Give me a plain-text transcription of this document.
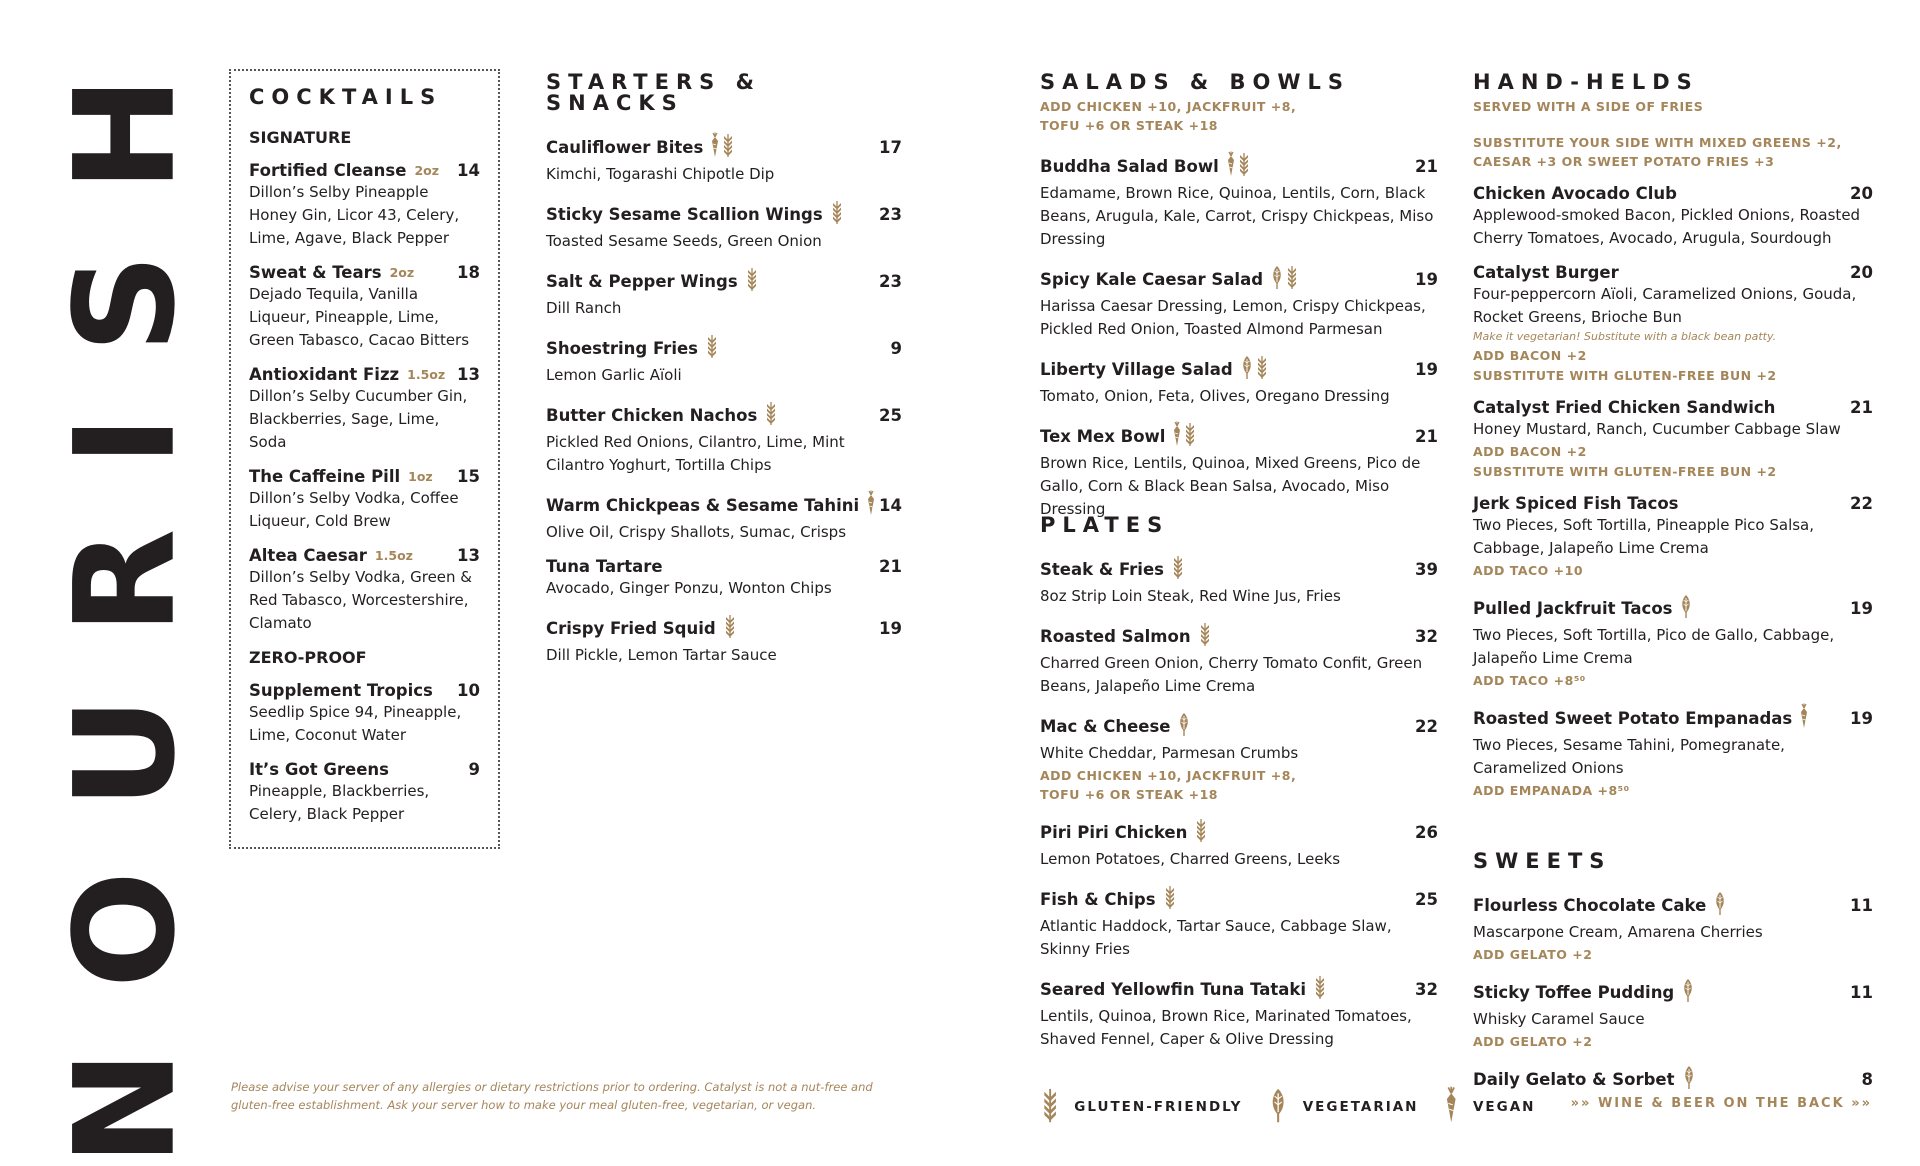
NOURISH COCKTAILS
SIGNATURE
Fortified Cleanse 2oz 14
Dillon’s Selby Pineapple Honey Gin, Licor 43, Celery, Lime, Agave, Black Pepper
Sweat & Tears 2oz	18
Dejado Tequila, Vanilla Liqueur, Pineapple, Lime, Green Tabasco, Cacao Bitters
Antioxidant Fizz 1.5oz 13
Dillon’s Selby Cucumber Gin, Blackberries, Sage, Lime, Soda
The Caffeine Pill 1oz 15
Dillon’s Selby Vodka, Coffee Liqueur, Cold Brew
Altea Caesar 1.5oz	13
Dillon’s Selby Vodka, Green & Red Tabasco, Worcestershire, Clamato
ZERO-PROOF
Supplement Tropics 10
Seedlip Spice 94, Pineapple, Lime, Coconut Water
It’s Got Greens	9
Pineapple, Blackberries, Celery, Black Pepper
STARTERS & SNACKS
Cauliflower Bites	17
Kimchi, Togarashi Chipotle Dip
Sticky Sesame Scallion Wings	23
Toasted Sesame Seeds, Green Onion
Salt & Pepper Wings	23
Dill Ranch
Shoestring Fries	9
Lemon Garlic Aïoli
Butter Chicken Nachos	25
Pickled Red Onions, Cilantro, Lime, Mint Cilantro Yoghurt, Tortilla Chips
Warm Chickpeas & Sesame Tahini 14
Olive Oil, Crispy Shallots, Sumac, Crisps
Tuna Tartare	21
Avocado, Ginger Ponzu, Wonton Chips
Crispy Fried Squid	19
Dill Pickle, Lemon Tartar Sauce
SALADS & BOWLS
ADD CHICKEN +10, JACKFRUIT +8, TOFU +6 OR STEAK +18
Buddha Salad Bowl	21
Edamame, Brown Rice, Quinoa, Lentils, Corn, Black Beans, Arugula, Kale, Carrot, Crispy Chickpeas, Miso Dressing
Spicy Kale Caesar Salad	19
Harissa Caesar Dressing, Lemon, Crispy Chickpeas, Pickled Red Onion, Toasted Almond Parmesan
Liberty Village Salad	19
Tomato, Onion, Feta, Olives, Oregano Dressing
Tex Mex Bowl	21
Brown Rice, Lentils, Quinoa, Mixed Greens, Pico de Gallo, Corn & Black Bean Salsa, Avocado, Miso Dressing
PLATES
Steak & Fries	39
8oz Strip Loin Steak, Red Wine Jus, Fries
Roasted Salmon	32
Charred Green Onion, Cherry Tomato Confit, Green Beans, Jalapeño Lime Crema
Mac & Cheese	22
White Cheddar, Parmesan Crumbs
ADD CHICKEN +10, JACKFRUIT +8, TOFU +6 OR STEAK +18
Piri Piri Chicken	26
Lemon Potatoes, Charred Greens, Leeks
Fish & Chips	25
Atlantic Haddock, Tartar Sauce, Cabbage Slaw, Skinny Fries
Seared Yellowfin Tuna Tataki	32
Lentils, Quinoa, Brown Rice, Marinated Tomatoes, Shaved Fennel, Caper & Olive Dressing
HAND-HELDS
SERVED WITH A SIDE OF FRIES
SUBSTITUTE YOUR SIDE WITH MIXED GREENS +2, CAESAR +3 OR SWEET POTATO FRIES +3
Chicken Avocado Club	20
Applewood-smoked Bacon, Pickled Onions, Roasted Cherry Tomatoes, Avocado, Arugula, Sourdough
Catalyst Burger	20
Four-peppercorn Aïoli, Caramelized Onions, Gouda, Rocket Greens, Brioche Bun
Make it vegetarian! Substitute with a black bean patty.
ADD BACON +2
SUBSTITUTE WITH GLUTEN-FREE BUN +2
Catalyst Fried Chicken Sandwich	21
Honey Mustard, Ranch, Cucumber Cabbage Slaw
ADD BACON +2
SUBSTITUTE WITH GLUTEN-FREE BUN +2
Jerk Spiced Fish Tacos	22
Two Pieces, Soft Tortilla, Pineapple Pico Salsa, Cabbage, Jalapeño Lime Crema
ADD TACO +10
Pulled Jackfruit Tacos	19
Two Pieces, Soft Tortilla, Pico de Gallo, Cabbage, Jalapeño Lime Crema
ADD TACO +8⁵⁰
Roasted Sweet Potato Empanadas	19
Two Pieces, Sesame Tahini, Pomegranate, Caramelized Onions
ADD EMPANADA +8⁵⁰
SWEETS
Flourless Chocolate Cake	11
Mascarpone Cream, Amarena Cherries
ADD GELATO +2
Sticky Toffee Pudding	11
Whisky Caramel Sauce
ADD GELATO +2
Daily Gelato & Sorbet	8
Please advise your server of any allergies or dietary restrictions prior to ordering. Catalyst is not a nut-free and gluten-free establishment. Ask your server how to make your meal gluten-free, vegetarian, or vegan.	GLUTEN-FRIENDLY	VEGETARIAN	VEGAN	»» WINE & BEER ON THE BACK »»
